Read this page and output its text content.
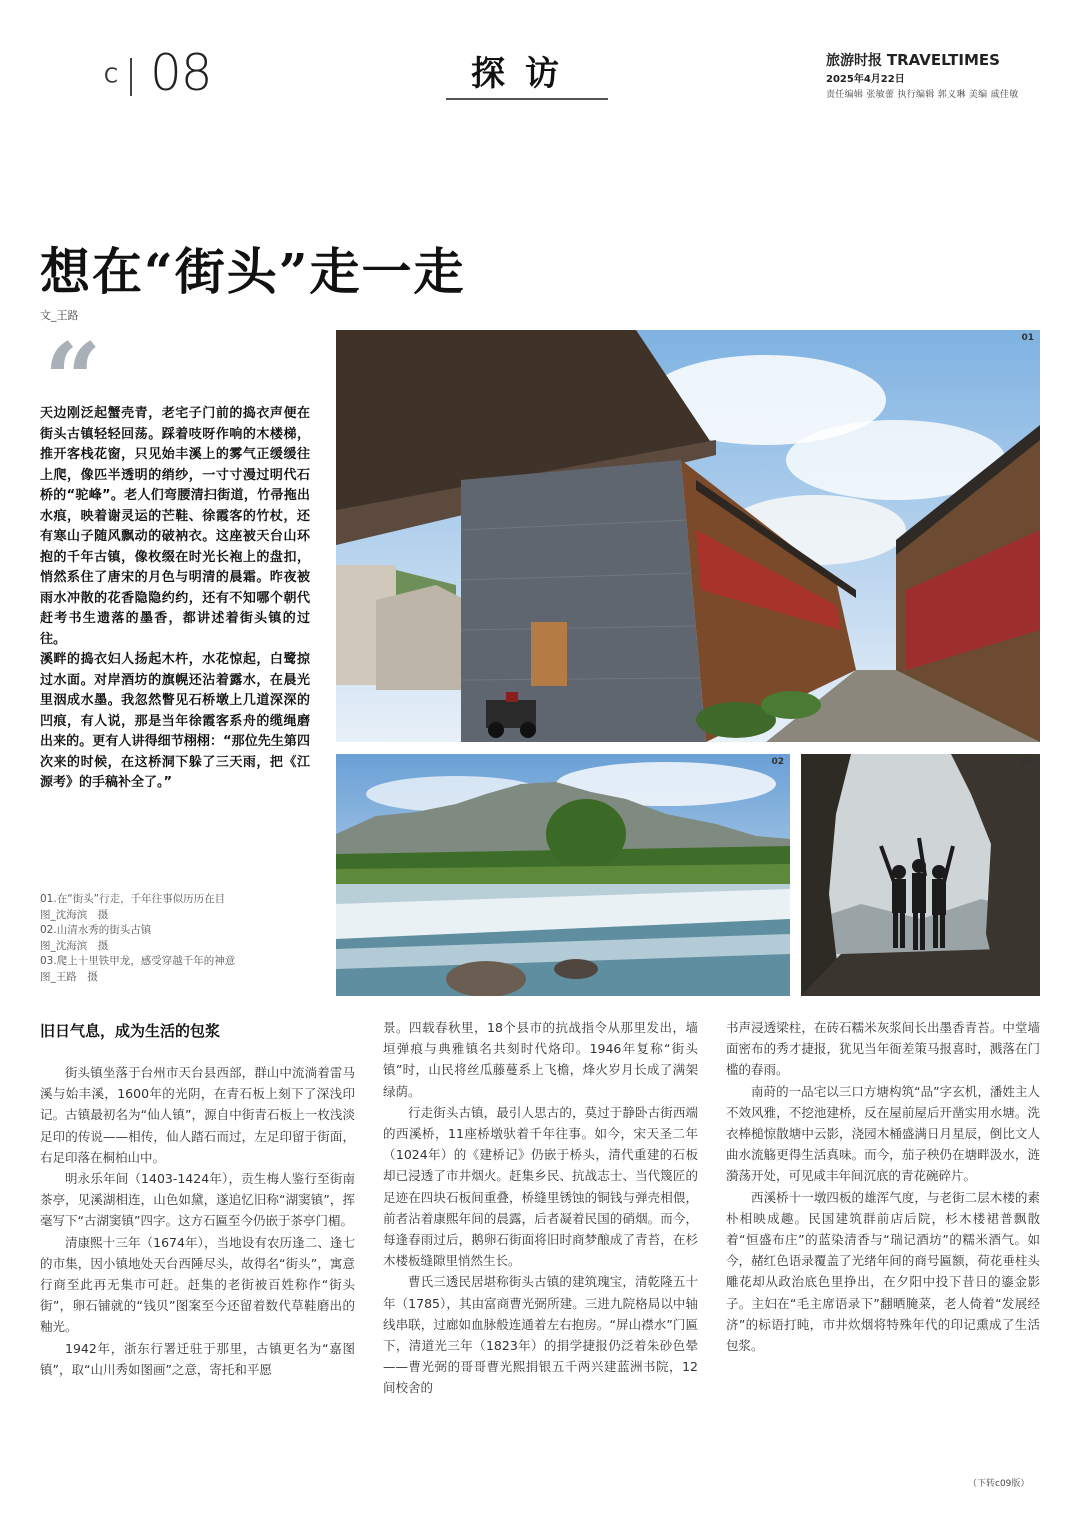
C 08	探访	旅游时报 TRAVELTIMES
2025年4月22日
责任编辑 张敏蕾 执行编辑 郭义琳 美编 戚佳敏
想在“街头”走一走
文_王路
“

天边刚泛起蟹壳青，老宅子门前的捣衣声便在街头古镇轻轻回荡。踩着吱呀作响的木楼梯，推开客栈花窗，只见始丰溪上的雾气正缓缓往上爬，像匹半透明的绡纱，一寸寸漫过明代石桥的“驼峰”。老人们弯腰清扫街道，竹帚拖出水痕，映着谢灵运的芒鞋、徐霞客的竹杖，还有寒山子随风飘动的破衲衣。这座被天台山环抱的千年古镇，像枚缀在时光长袍上的盘扣，悄然系住了唐宋的月色与明清的晨霜。昨夜被雨水冲散的花香隐隐约约，还有不知哪个朝代赶考书生遗落的墨香，都讲述着街头镇的过往。

溪畔的捣衣妇人扬起木杵，水花惊起，白鹭掠过水面。对岸酒坊的旗幌还沾着露水，在晨光里洇成水墨。我忽然瞥见石桥墩上几道深深的凹痕，有人说，那是当年徐霞客系舟的缆绳磨出来的。更有人讲得细节栩栩：“那位先生第四次来的时候，在这桥洞下躲了三天雨，把《江源考》的手稿补全了。”

01.在“街头”行走，千年往事似历历在目
图_沈海滨　摄
02.山清水秀的街头古镇
图_沈海滨　摄
03.爬上十里铁甲龙，感受穿越千年的神意
图_王路　摄
01
02	03
旧日气息，成为生活的包浆

街头镇坐落于台州市天台县西部，群山中流淌着雷马溪与始丰溪，1600年的光阴，在青石板上刻下了深浅印记。古镇最初名为“仙人镇”，源自中街青石板上一枚浅淡足印的传说——相传，仙人踏石而过，左足印留于街面，右足印落在桐柏山中。

明永乐年间（1403-1424年），贡生梅人鉴行至街南茶亭，见溪湖相连，山色如黛，遂追忆旧称“湖窦镇”，挥毫写下“古湖窦镇”四字。这方石匾至今仍嵌于茶亭门楣。

清康熙十三年（1674年），当地设有农历逢二、逢七的市集，因小镇地处天台西陲尽头，故得名“街头”，寓意行商至此再无集市可赶。赶集的老街被百姓称作“街头街”，卵石铺就的“钱贝”图案至今还留着数代草鞋磨出的釉光。

1942年，浙东行署迁驻于那里，古镇更名为“嘉图镇”，取“山川秀如图画”之意，寄托和平愿

景。四载春秋里，18个县市的抗战指令从那里发出，墙垣弹痕与典雅镇名共刻时代烙印。1946年复称“街头镇”时，山民将丝瓜藤蔓系上飞檐，烽火岁月长成了满架绿荫。

行走街头古镇，最引人思古的，莫过于静卧古街西端的西溪桥，11座桥墩驮着千年往事。如今，宋天圣二年（1024年）的《建桥记》仍嵌于桥头，清代重建的石板却已浸透了市井烟火。赶集乡民、抗战志士、当代篾匠的足迹在四块石板间重叠，桥缝里锈蚀的铜钱与弹壳相偎，前者沾着康熙年间的晨露，后者凝着民国的硝烟。而今，每逢春雨过后，鹅卵石街面将旧时商梦酿成了青苔，在杉木楼板缝隙里悄然生长。

曹氏三透民居堪称街头古镇的建筑瑰宝，清乾隆五十年（1785），其由富商曹光弼所建。三进九院格局以中轴线串联，过廊如血脉般连通着左右抱房。“屏山襟水”门匾下，清道光三年（1823年）的捐学捷报仍泛着朱砂色晕——曹光弼的哥哥曹光熙捐银五千两兴建蓝洲书院，12间校舍的

书声浸透梁柱，在砖石糯米灰浆间长出墨香青苔。中堂墙面密布的秀才捷报，犹见当年衙差策马报喜时，溅落在门槛的春雨。

南莳的一品宅以三口方塘构筑“品”字玄机，潘姓主人不效风雅，不挖池建桥，反在屋前屋后开凿实用水塘。洗衣棒槌惊散塘中云影，浇园木桶盛满日月星辰，倒比文人曲水流觞更得生活真味。而今，茄子秧仍在塘畔汲水，涟漪荡开处，可见咸丰年间沉底的青花碗碎片。

西溪桥十一墩四板的雄浑气度，与老街二层木楼的素朴相映成趣。民国建筑群前店后院，杉木楼裙普飘散着“恒盛布庄”的蓝染清香与“瑞记酒坊”的糯米酒气。如今，赭红色语录覆盖了光绪年间的商号匾额，荷花垂柱头雕花却从政治底色里挣出，在夕阳中投下昔日的鎏金影子。主妇在“毛主席语录下”翻晒腌菜，老人倚着“发展经济”的标语打盹，市井炊烟将特殊年代的印记熏成了生活包浆。

（下转c09版）
